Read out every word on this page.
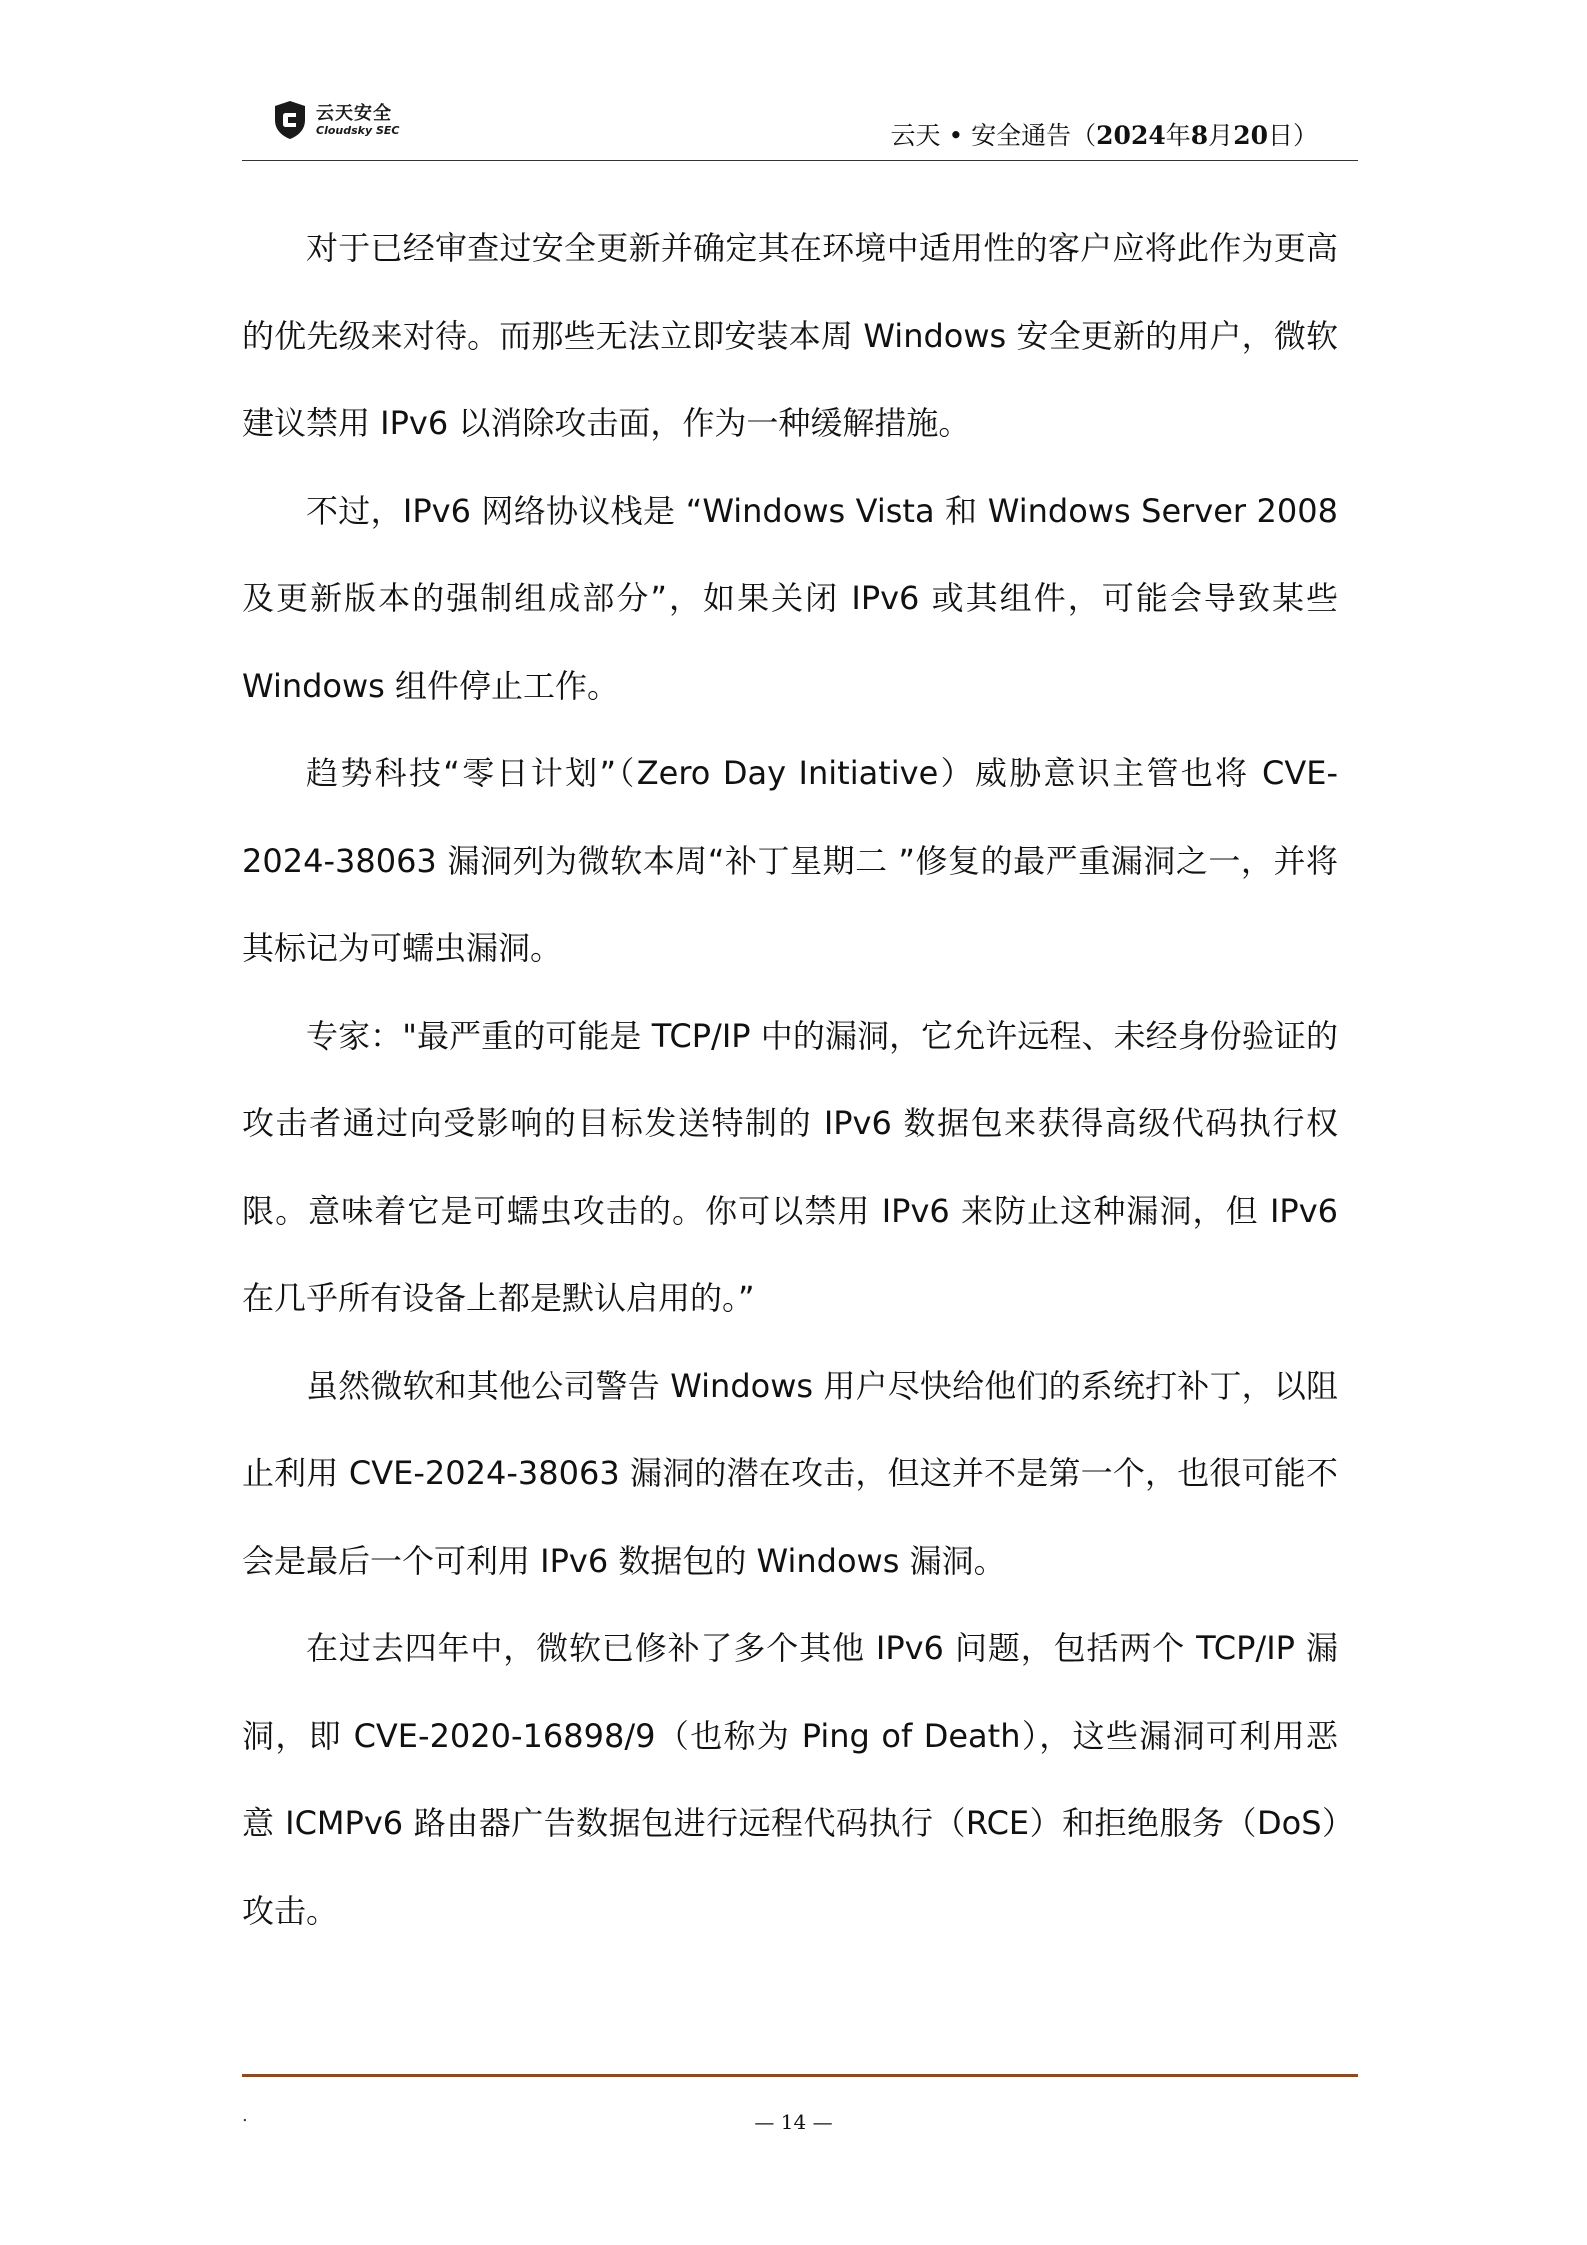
云天安全
Cloudsky SEC	云天 • 安全通告（2024年8月20日）

对于已经审查过安全更新并确定其在环境中适用性的客户应将此作为更高的优先级来对待。而那些无法立即安装本周 Windows 安全更新的用户，微软建议禁用 IPv6 以消除攻击面，作为一种缓解措施。

不过，IPv6 网络协议栈是 “Windows Vista 和 Windows Server 2008 及更新版本的强制组成部分”，如果关闭 IPv6 或其组件，可能会导致某些 Windows 组件停止工作。

趋势科技“零日计划”（Zero Day Initiative）威胁意识主管也将 CVE-2024-38063 漏洞列为微软本周“补丁星期二 ”修复的最严重漏洞之一，并将其标记为可蠕虫漏洞。

专家："最严重的可能是 TCP/IP 中的漏洞，它允许远程、未经身份验证的攻击者通过向受影响的目标发送特制的 IPv6 数据包来获得高级代码执行权限。意味着它是可蠕虫攻击的。你可以禁用 IPv6 来防止这种漏洞，但 IPv6 在几乎所有设备上都是默认启用的。”

虽然微软和其他公司警告 Windows 用户尽快给他们的系统打补丁，以阻止利用 CVE-2024-38063 漏洞的潜在攻击，但这并不是第一个，也很可能不会是最后一个可利用 IPv6 数据包的 Windows 漏洞。

在过去四年中，微软已修补了多个其他 IPv6 问题，包括两个 TCP/IP 漏洞，即 CVE-2020-16898/9（也称为 Ping of Death），这些漏洞可利用恶意 ICMPv6 路由器广告数据包进行远程代码执行（RCE）和拒绝服务（DoS）攻击。

.	— 14 —
